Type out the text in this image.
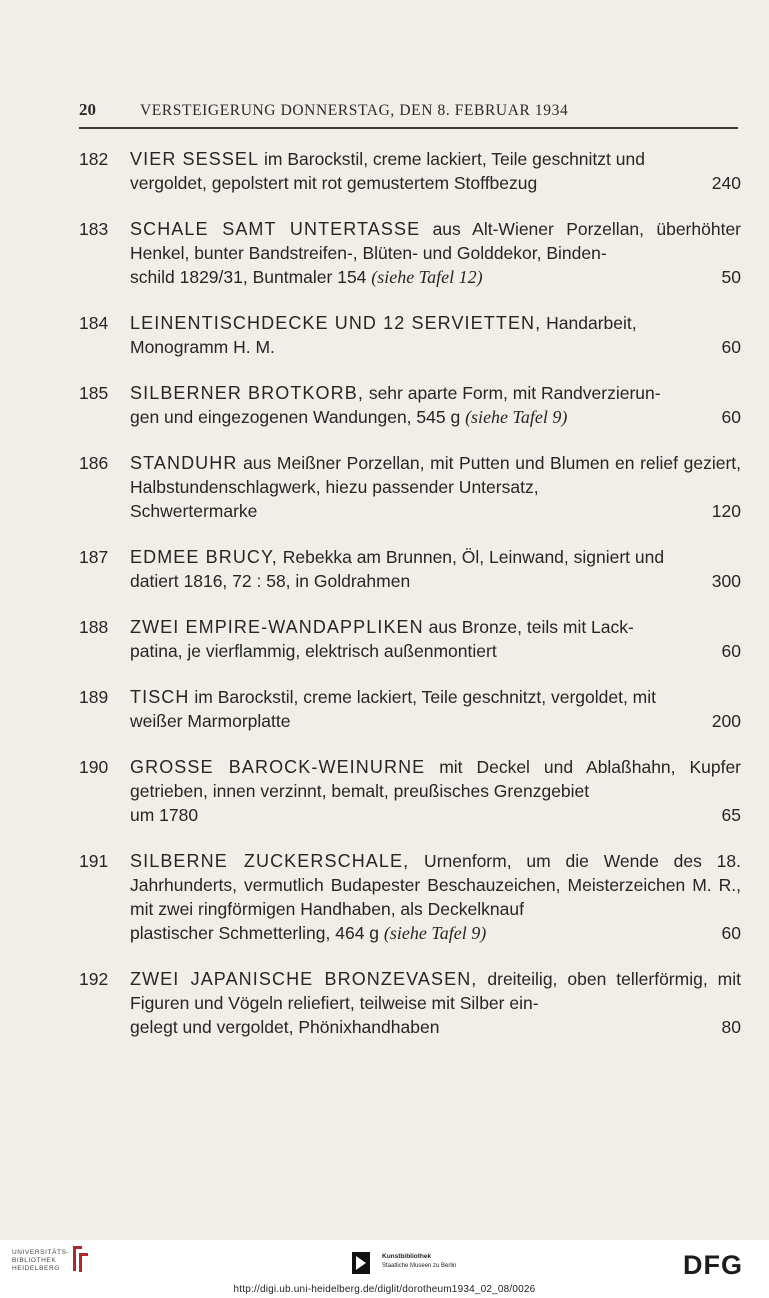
20	VERSTEIGERUNG DONNERSTAG, DEN 8. FEBRUAR 1934
182 VIER SESSEL im Barockstil, creme lackiert, Teile geschnitzt und
vergoldet, gepolstert mit rot gemustertem Stoffbezug	240
183 SCHALE SAMT UNTERTASSE aus Alt-Wiener Porzellan, überhöhter Henkel, bunter Bandstreifen-, Blüten- und Golddekor, Binden-
schild 1829/31, Buntmaler 154 (siehe Tafel 12)	50
184 LEINENTISCHDECKE UND 12 SERVIETTEN, Handarbeit,
Monogramm H. M.	60
185 SILBERNER BROTKORB, sehr aparte Form, mit Randverzierun-
gen und eingezogenen Wandungen, 545 g (siehe Tafel 9)	60
186 STANDUHR aus Meißner Porzellan, mit Putten und Blumen en relief geziert, Halbstundenschlagwerk, hiezu passender Untersatz,
Schwertermarke	120
187 EDMEE BRUCY, Rebekka am Brunnen, Öl, Leinwand, signiert und
datiert 1816, 72 : 58, in Goldrahmen	300
188 ZWEI EMPIRE-WANDAPPLIKEN aus Bronze, teils mit Lack-
patina, je vierflammig, elektrisch außenmontiert	60
189 TISCH im Barockstil, creme lackiert, Teile geschnitzt, vergoldet, mit
weißer Marmorplatte	200
190 GROSSE BAROCK-WEINURNE mit Deckel und Ablaßhahn, Kupfer getrieben, innen verzinnt, bemalt, preußisches Grenzgebiet
um 1780	65
191 SILBERNE ZUCKERSCHALE, Urnenform, um die Wende des 18. Jahrhunderts, vermutlich Budapester Beschauzeichen, Meisterzeichen M. R., mit zwei ringförmigen Handhaben, als Deckelknauf
plastischer Schmetterling, 464 g (siehe Tafel 9)	60
192 ZWEI JAPANISCHE BRONZEVASEN, dreiteilig, oben tellerförmig, mit Figuren und Vögeln reliefiert, teilweise mit Silber ein-
gelegt und vergoldet, Phönixhandhaben	80
UNIVERSITÄTS-
BIBLIOTHEK
HEIDELBERG
Kunstbibliothek
Staatliche Museen zu Berlin	DFG
http://digi.ub.uni-heidelberg.de/diglit/dorotheum1934_02_08/0026
